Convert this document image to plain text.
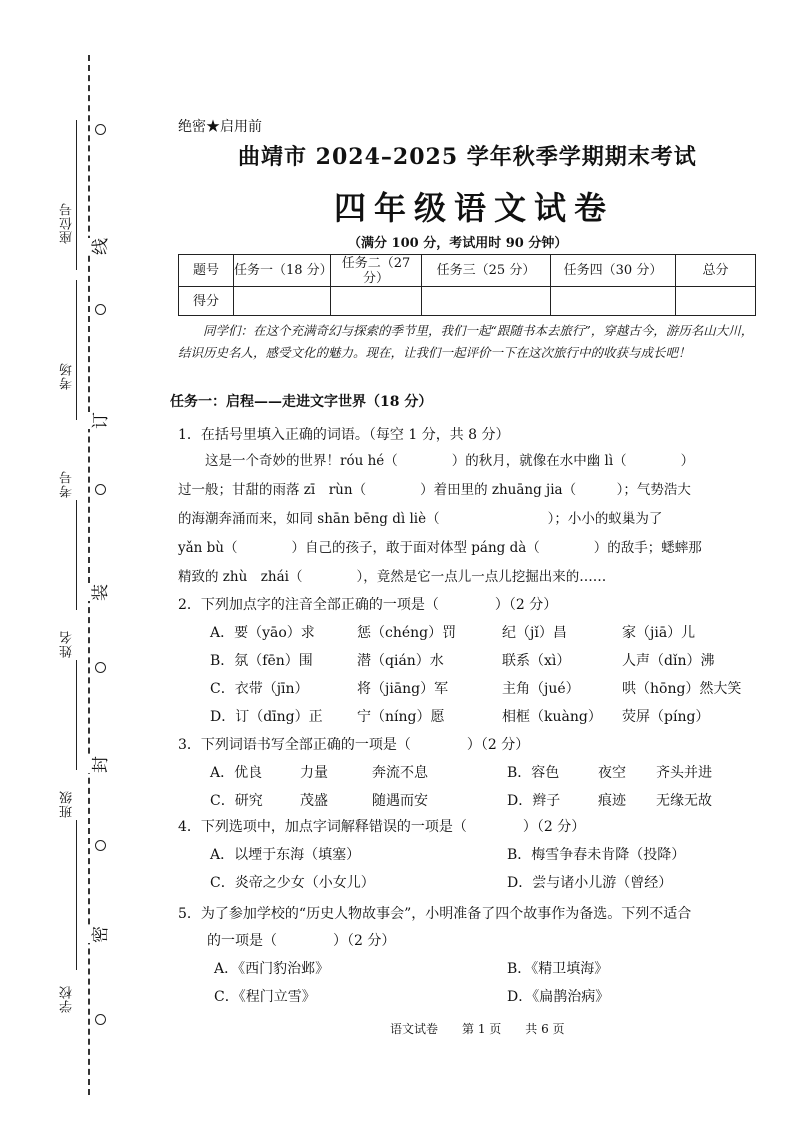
座位号
考场
考号
姓名
班级
学校
线
订
装
封
密
绝密★启用前
曲靖市 2024–2025 学年秋季学期期末考试
四年级语文试卷
（满分 100 分，考试用时 90 分钟）
题号	任务一（18 分）	任务二（27 分）	任务三（25 分）	任务四（30 分）	总分
得分					
同学们：在这个充满奇幻与探索的季节里，我们一起“跟随书本去旅行”，穿越古今，游历名山大川，结识历史名人，感受文化的魅力。现在，让我们一起评价一下在这次旅行中的收获与成长吧！
任务一：启程——走进文字世界（18 分）
1．在括号里填入正确的词语。（每空 1 分，共 8 分）
这是一个奇妙的世界！róu hé（　　　　）的秋月，就像在水中幽 lì（　　　　）
过一般；甘甜的雨落 zī　rùn（　　　　）着田里的 zhuāng jia（　　　）；气势浩大
的海潮奔涌而来，如同 shān bēng dì liè（　　　　　　　　）；小小的蚁巢为了
yǎn bù（　　　　）自己的孩子，敢于面对体型 páng dà（　　　　）的敌手；蟋蟀那
精致的 zhù　zhái（　　　　），竟然是它一点儿一点儿挖掘出来的……
2．下列加点字的注音全部正确的一项是（　　　　）（2 分）
A．要（yāo）求	惩（chéng）罚	纪（jǐ）昌	家（jiā）儿
B．氛（fēn）围	潜（qián）水	联系（xì）	人声（dǐn）沸
C．衣带（jīn）	将（jiāng）军	主角（jué）	哄（hōng）然大笑
D．订（dīng）正 宁（níng）愿	相框（kuàng） 荧屏（píng）
3．下列词语书写全部正确的一项是（　　　　）（2 分）
A．优良	力量	奔流不息	B．容色	夜空 齐头并进
C．研究	茂盛	随遇而安	D．辫子	痕迹 无缘无故
4．下列选项中，加点字词解释错误的一项是（　　　　）（2 分）
A．以堙于东海（填塞）	B．梅雪争春未肯降（投降）
C．炎帝之少女（小女儿）	D．尝与诸小儿游（曾经）
5．为了参加学校的“历史人物故事会”，小明准备了四个故事作为备选。下列不适合
的一项是（　　　　）（2 分）
A．《西门豹治邺》	B．《精卫填海》
C．《程门立雪》	D．《扁鹊治病》
语文试卷　　第 1 页　　共 6 页
